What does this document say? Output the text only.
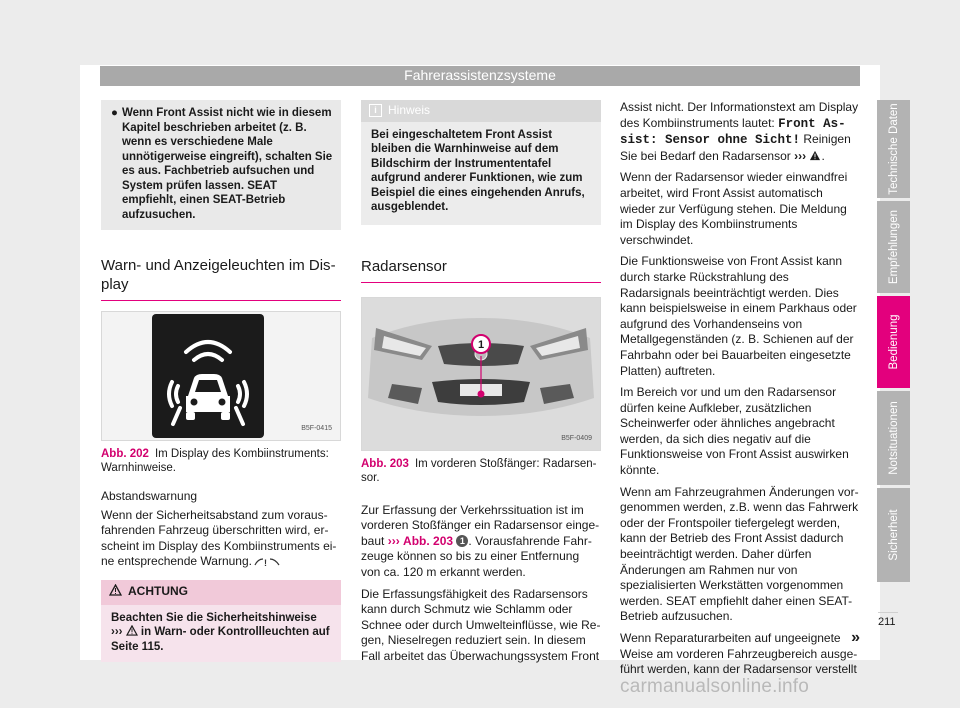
Fahrerassistenzsysteme
● Wenn Front Assist nicht wie in diesem Kapitel beschrieben arbeitet (z. B. wenn es verschiedene Male unnötigerweise eingreift), schalten Sie es aus. Fachbetrieb aufsuchen und System prüfen lassen. SEAT empfiehlt, einen SEAT-Betrieb aufzusuchen.
Warn- und Anzeigeleuchten im Display
B5F-0415
Abb. 202 Im Display des Kombiinstruments: Warnhinweise.
Abstandswarnung

Wenn der Sicherheitsabstand zum vorausfahrenden Fahrzeug überschritten wird, erscheint im Display des Kombiinstruments eine entsprechende Warnung. !

ACHTUNG
Beachten Sie die Sicherheitshinweise ››› in Warn- oder Kontrollleuchten auf Seite 115.
i Hinweis
Bei eingeschaltetem Front Assist bleiben die Warnhinweise auf dem Bildschirm der Instrumententafel aufgrund anderer Funktionen, wie zum Beispiel die eines eingehenden Anrufs, ausgeblendet.
Radarsensor
1
B5F-0409
Abb. 203 Im vorderen Stoßfänger: Radarsensor.

Zur Erfassung der Verkehrssituation ist im vorderen Stoßfänger ein Radarsensor eingebaut ››› Abb. 203 1 . Vorausfahrende Fahrzeuge können so bis zu einer Entfernung von ca. 120 m erkannt werden.

Die Erfassungsfähigkeit des Radarsensors kann durch Schmutz wie Schlamm oder Schnee oder durch Umwelteinflüsse, wie Regen, Nieselregen reduziert sein. In diesem Fall arbeitet das Überwachungssystem Front

Assist nicht. Der Informationstext am Display des Kombiinstruments lautet: Front Assist: Sensor ohne Sicht! Reinigen Sie bei Bedarf den Radarsensor ››› .

Wenn der Radarsensor wieder einwandfrei arbeitet, wird Front Assist automatisch wieder zur Verfügung stehen. Die Meldung im Display des Kombiinstruments verschwindet.

Die Funktionsweise von Front Assist kann durch starke Rückstrahlung des Radarsignals beeinträchtigt werden. Dies kann beispielsweise in einem Parkhaus oder aufgrund des Vorhandenseins von Metallgegenständen (z. B. Schienen auf der Fahrbahn oder bei Bauarbeiten eingesetzte Platten) auftreten.

Im Bereich vor und um den Radarsensor dürfen keine Aufkleber, zusätzlichen Scheinwerfer oder ähnliches angebracht werden, da sich dies negativ auf die Funktionsweise von Front Assist auswirken könnte.

Wenn am Fahrzeugrahmen Änderungen vorgenommen werden, z.B. wenn das Fahrwerk oder der Frontspoiler tiefergelegt werden, kann der Betrieb des Front Assist dadurch beeinträchtigt werden. Daher dürfen Änderungen am Rahmen nur von spezialisierten Werkstätten vorgenommen werden. SEAT empfiehlt daher einen SEAT-Betrieb aufzusuchen.

»
Wenn Reparaturarbeiten auf ungeeignete Weise am vorderen Fahrzeugbereich ausgeführt werden, kann der Radarsensor verstellt

Technische Daten
Empfehlungen
Bedienung
Notsituationen
Sicherheit
211
carmanualsonline.info
